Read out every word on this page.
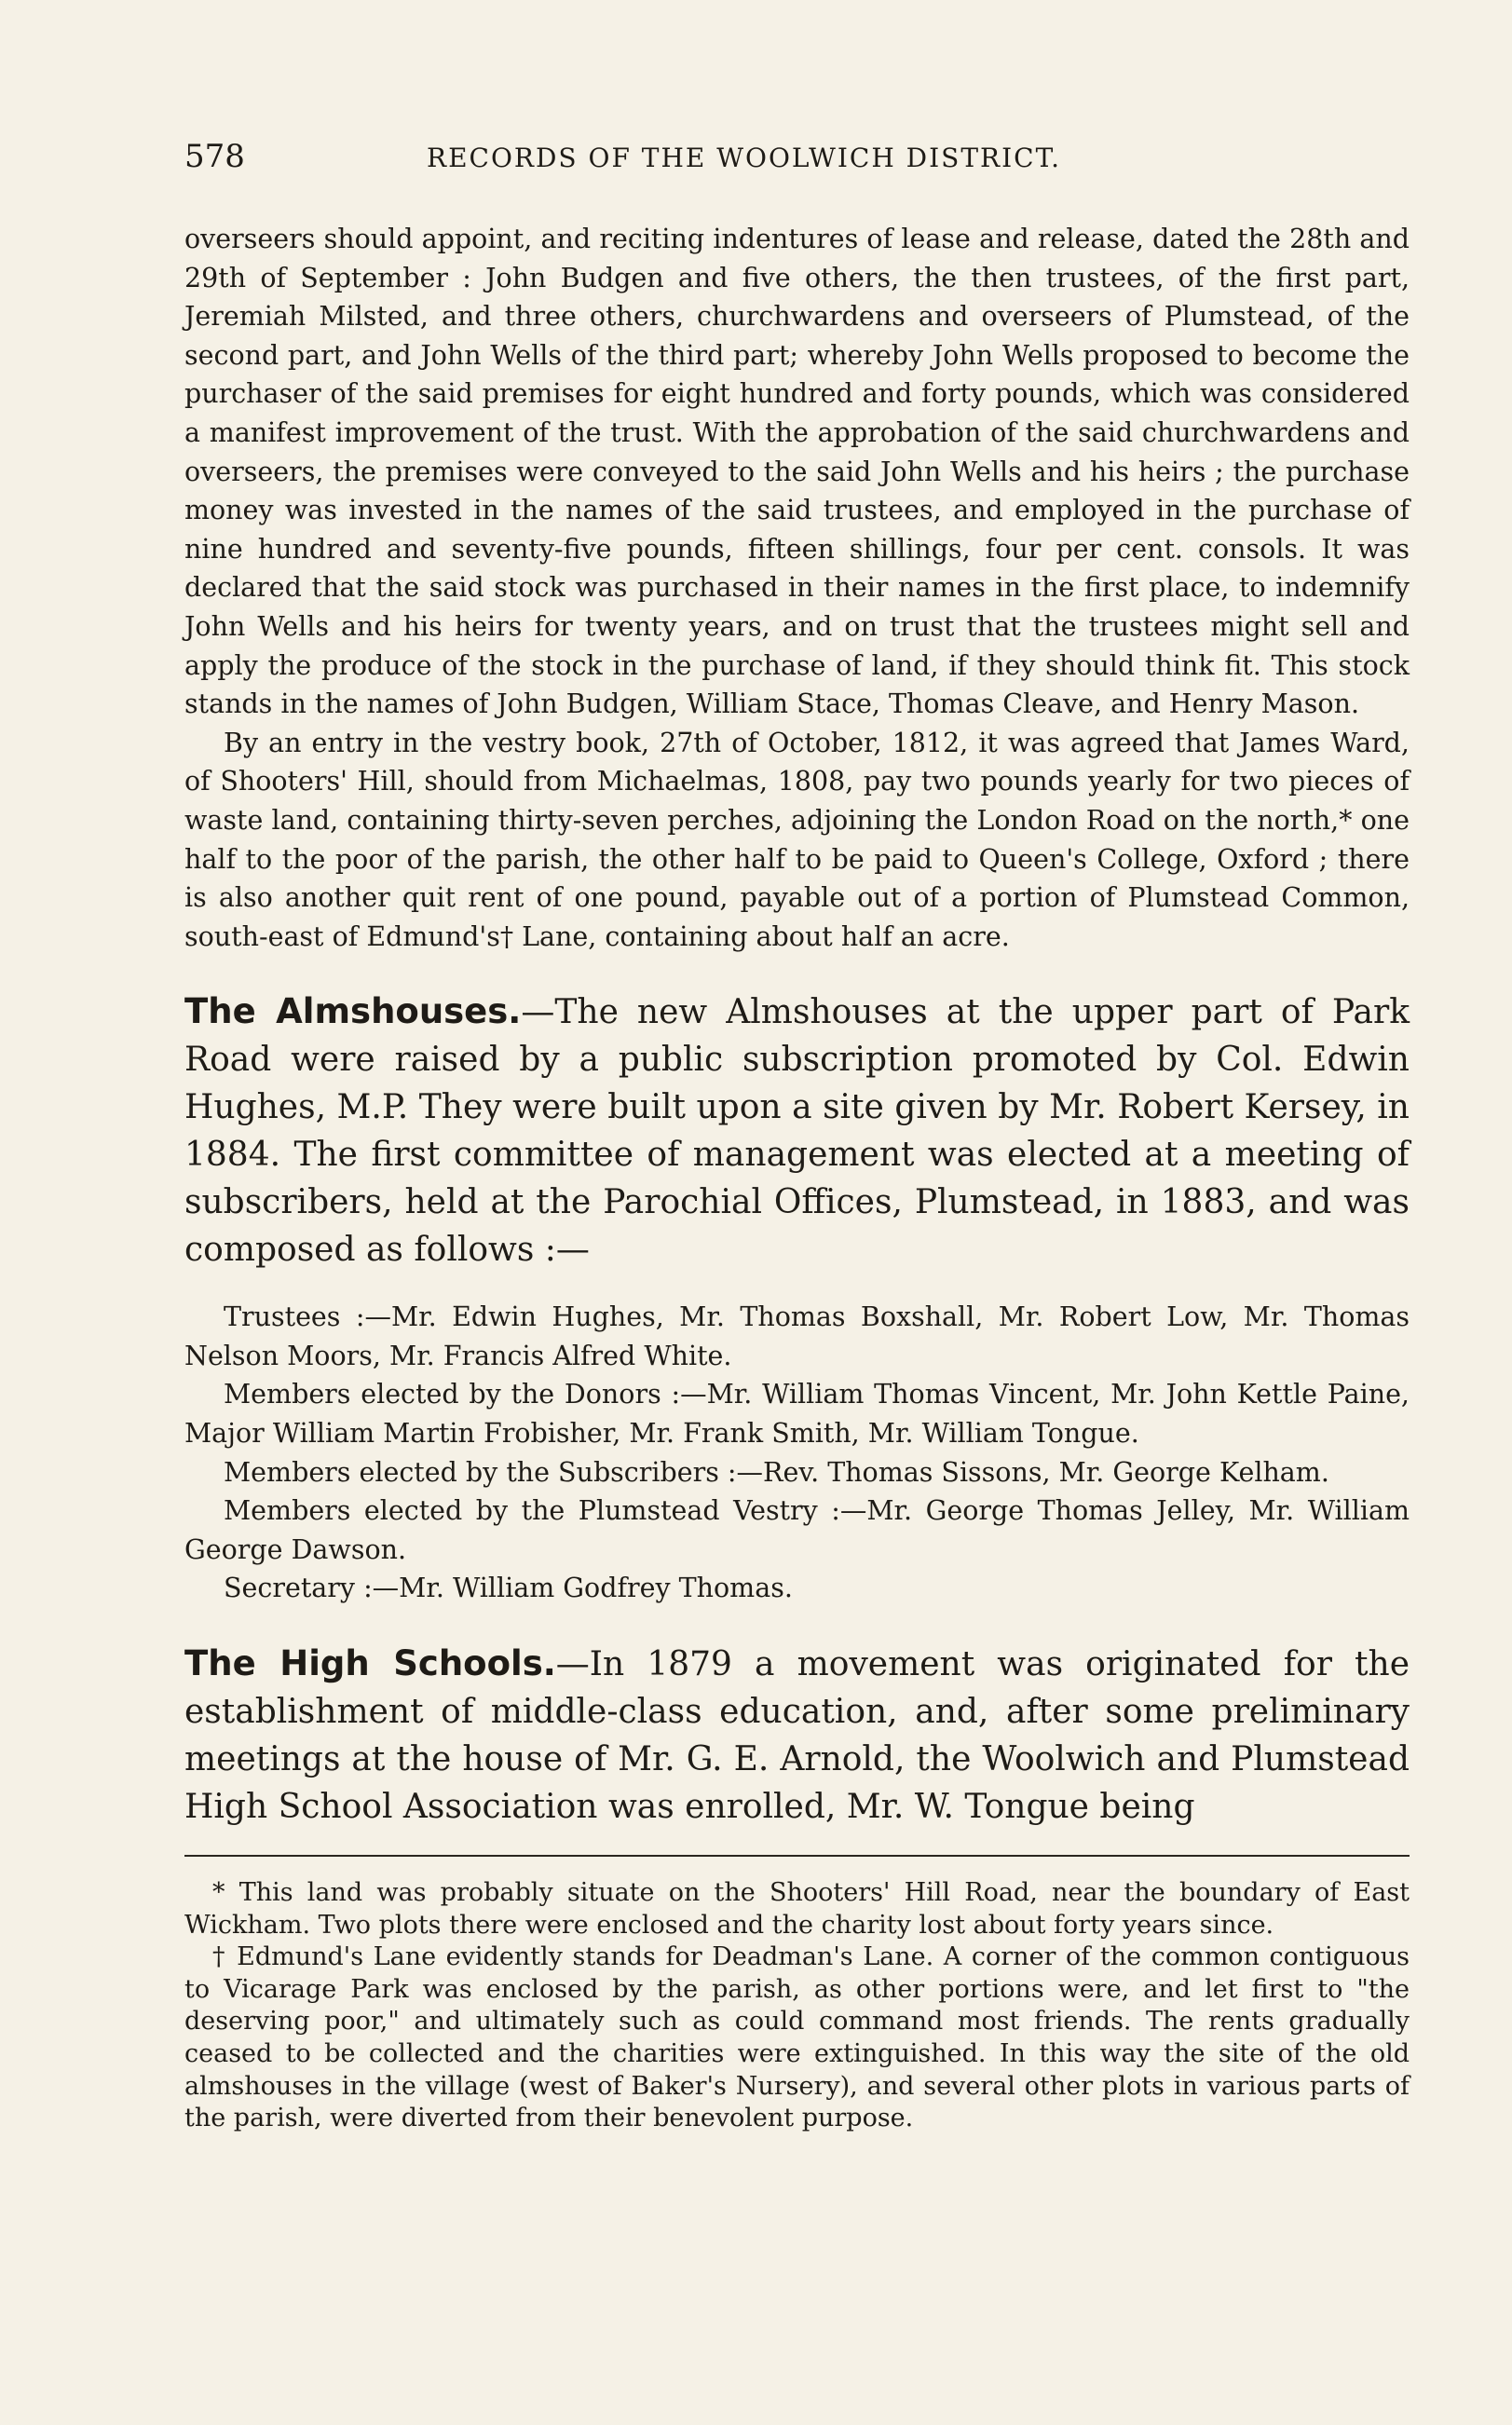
578	RECORDS OF THE WOOLWICH DISTRICT.

overseers should appoint, and reciting indentures of lease and release, dated the 28th and 29th of September : John Budgen and five others, the then trustees, of the first part, Jeremiah Milsted, and three others, churchwardens and overseers of Plumstead, of the second part, and John Wells of the third part; whereby John Wells proposed to become the purchaser of the said premises for eight hundred and forty pounds, which was considered a manifest improvement of the trust. With the approbation of the said churchwardens and overseers, the premises were conveyed to the said John Wells and his heirs ; the purchase money was invested in the names of the said trustees, and employed in the purchase of nine hundred and seventy-five pounds, fifteen shillings, four per cent. consols. It was declared that the said stock was purchased in their names in the first place, to indemnify John Wells and his heirs for twenty years, and on trust that the trustees might sell and apply the produce of the stock in the purchase of land, if they should think fit. This stock stands in the names of John Budgen, William Stace, Thomas Cleave, and Henry Mason.

By an entry in the vestry book, 27th of October, 1812, it was agreed that James Ward, of Shooters' Hill, should from Michaelmas, 1808, pay two pounds yearly for two pieces of waste land, containing thirty-seven perches, adjoining the London Road on the north,* one half to the poor of the parish, the other half to be paid to Queen's College, Oxford ; there is also another quit rent of one pound, payable out of a portion of Plumstead Common, south-east of Edmund's† Lane, containing about half an acre.

The Almshouses.—The new Almshouses at the upper part of Park Road were raised by a public subscription promoted by Col. Edwin Hughes, M.P. They were built upon a site given by Mr. Robert Kersey, in 1884. The first committee of management was elected at a meeting of subscribers, held at the Parochial Offices, Plumstead, in 1883, and was composed as follows :—

Trustees :—Mr. Edwin Hughes, Mr. Thomas Boxshall, Mr. Robert Low, Mr. Thomas Nelson Moors, Mr. Francis Alfred White.

Members elected by the Donors :—Mr. William Thomas Vincent, Mr. John Kettle Paine, Major William Martin Frobisher, Mr. Frank Smith, Mr. William Tongue.

Members elected by the Subscribers :—Rev. Thomas Sissons, Mr. George Kelham.

Members elected by the Plumstead Vestry :—Mr. George Thomas Jelley, Mr. William George Dawson.

Secretary :—Mr. William Godfrey Thomas.

The High Schools.—In 1879 a movement was originated for the establishment of middle-class education, and, after some preliminary meetings at the house of Mr. G. E. Arnold, the Woolwich and Plumstead High School Association was enrolled, Mr. W. Tongue being

* This land was probably situate on the Shooters' Hill Road, near the boundary of East Wickham. Two plots there were enclosed and the charity lost about forty years since.

† Edmund's Lane evidently stands for Deadman's Lane. A corner of the common contiguous to Vicarage Park was enclosed by the parish, as other portions were, and let first to "the deserving poor," and ultimately such as could command most friends. The rents gradually ceased to be collected and the charities were extinguished. In this way the site of the old almshouses in the village (west of Baker's Nursery), and several other plots in various parts of the parish, were diverted from their benevolent purpose.
